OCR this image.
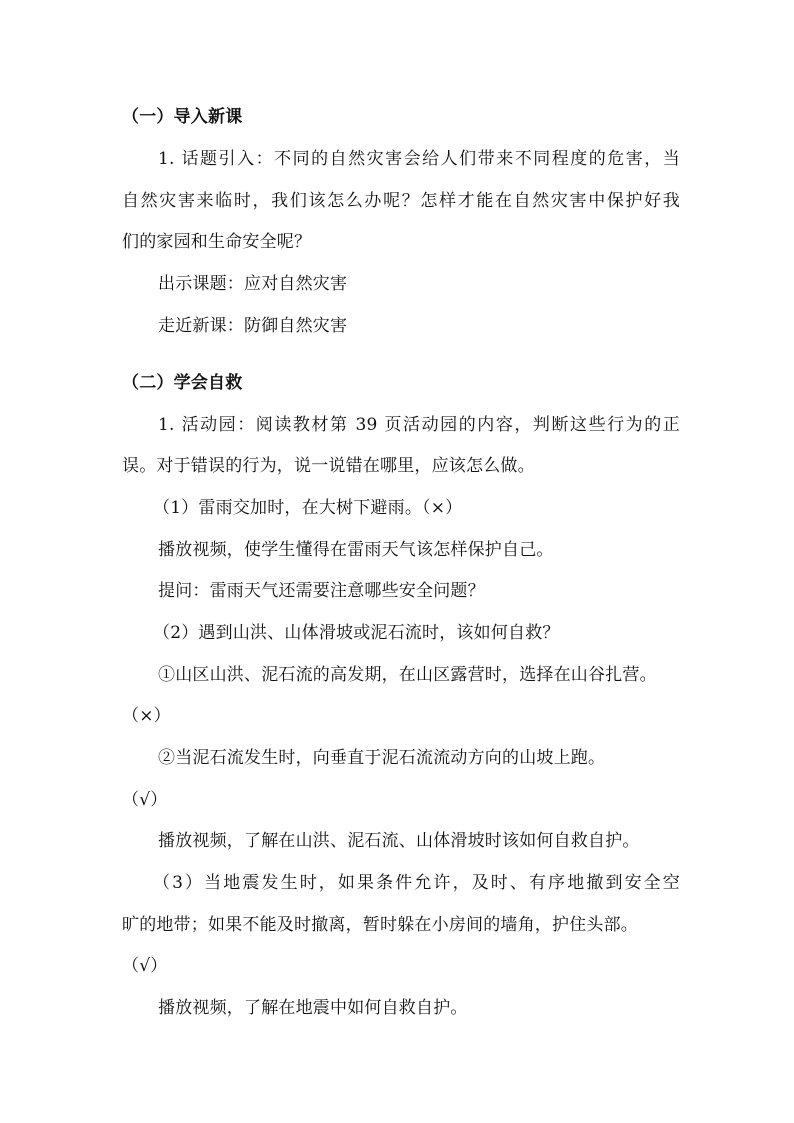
（一）导入新课
1. 话题引入：不同的自然灾害会给人们带来不同程度的危害，当
自然灾害来临时，我们该怎么办呢？怎样才能在自然灾害中保护好我
们的家园和生命安全呢？
出示课题：应对自然灾害
走近新课：防御自然灾害
（二）学会自救
1. 活动园：阅读教材第 39 页活动园的内容，判断这些行为的正
误。对于错误的行为，说一说错在哪里，应该怎么做。
（1）雷雨交加时，在大树下避雨。（×）
播放视频，使学生懂得在雷雨天气该怎样保护自己。
提问：雷雨天气还需要注意哪些安全问题？
（2）遇到山洪、山体滑坡或泥石流时，该如何自救？
①山区山洪、泥石流的高发期，在山区露营时，选择在山谷扎营。
（×）
②当泥石流发生时，向垂直于泥石流流动方向的山坡上跑。
（√）
播放视频，了解在山洪、泥石流、山体滑坡时该如何自救自护。
（3）当地震发生时，如果条件允许，及时、有序地撤到安全空
旷的地带；如果不能及时撤离，暂时躲在小房间的墙角，护住头部。
（√）
播放视频，了解在地震中如何自救自护。
